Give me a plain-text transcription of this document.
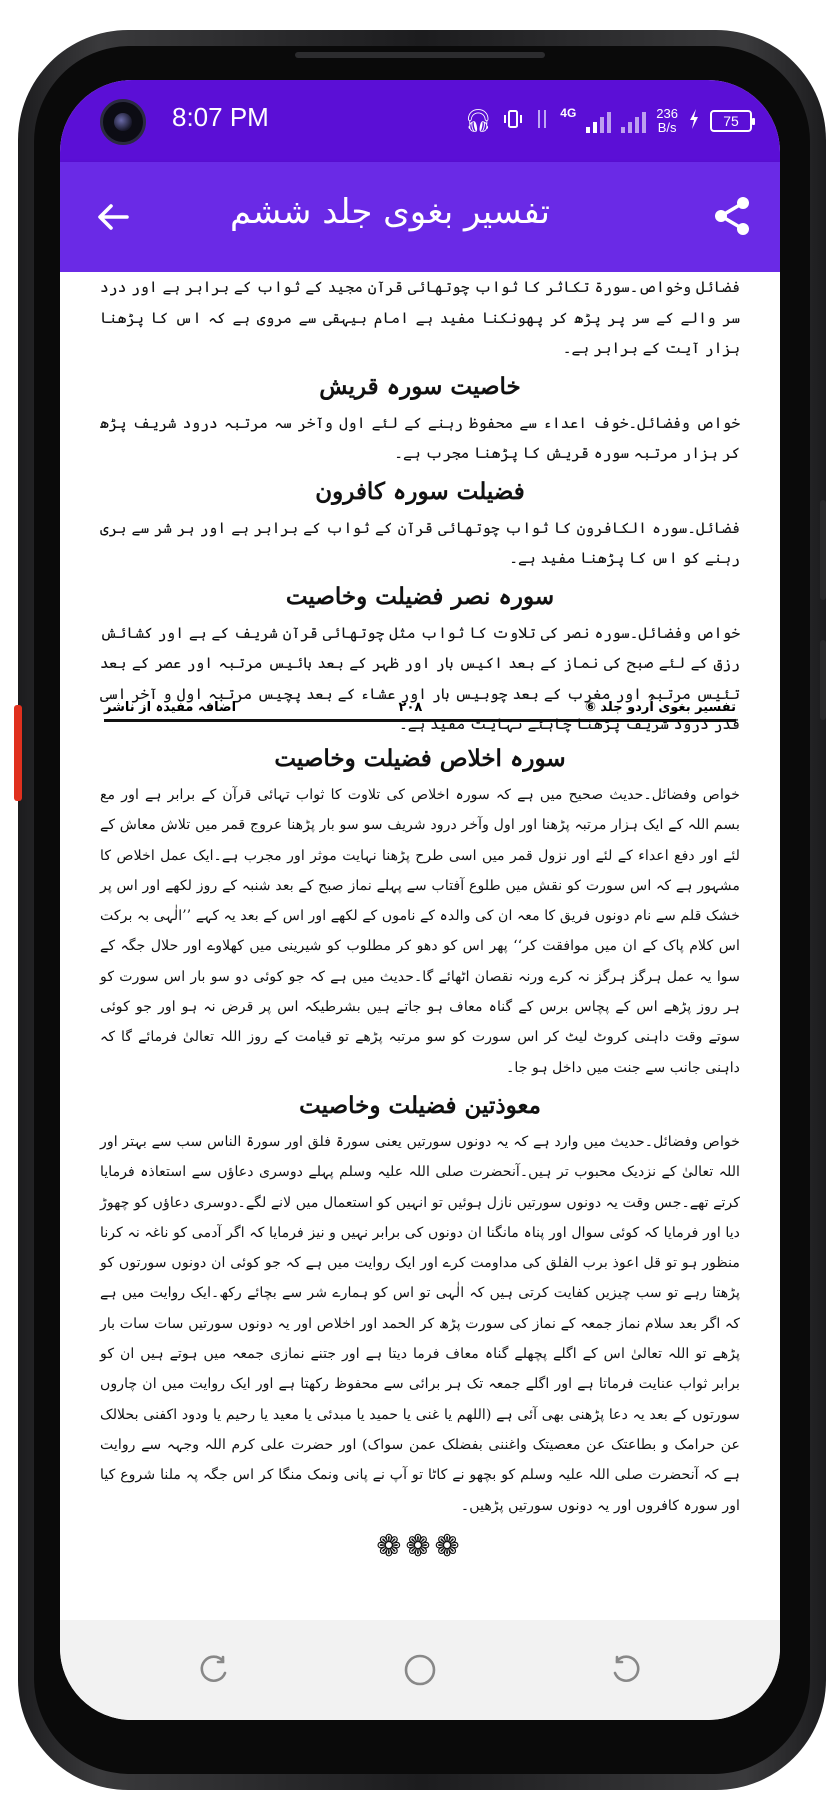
8:07 PM	🎧︎	4G	236
B/s	75
تفسیر بغوی جلد ششم

فضائل وخواص۔سورۃ تکاثر کا ثواب چوتھائی قرآن مجید کے ثواب کے برابر ہے اور درد سر والے کے سر پر پڑھ کر پھونکنا مفید ہے امام بیہقی سے مروی ہے کہ اس کا پڑھنا ہزار آیت کے برابر ہے۔

خاصیت سورہ قریش

خواص وفضائل۔خوف اعداء سے محفوظ رہنے کے لئے اول وآخر سہ مرتبہ درود شریف پڑھ کر ہزار مرتبہ سورہ قریش کا پڑھنا مجرب ہے۔

فضیلت سورہ کافرون

فضائل۔سورہ الکافرون کا ثواب چوتھائی قرآن کے ثواب کے برابر ہے اور ہر شر سے بری رہنے کو اس کا پڑھنا مفید ہے۔

سورہ نصر فضیلت وخاصیت

خواص وفضائل۔سورہ نصر کی تلاوت کا ثواب مثل چوتھائی قرآن شریف کے ہے اور کشائش رزق کے لئے صبح کی نماز کے بعد اکیس بار اور ظہر کے بعد بائیس مرتبہ اور عصر کے بعد تئیس مرتبہ اور مغرب کے بعد چوبیس بار اور عشاء کے بعد پچیس مرتبہ اول و آخر اسی قدر درود شریف پڑھنا چاہئے نہایت مفید ہے۔

تفسیر بغوی اُردو جلد ⑥
۲۰۸
اضافہ مفیدہ از ناشر
سورہ اخلاص فضیلت وخاصیت

خواص وفضائل۔حدیث صحیح میں ہے کہ سورہ اخلاص کی تلاوت کا ثواب تہائی قرآن کے برابر ہے اور مع بسم اللہ کے ایک ہزار مرتبہ پڑھنا اور اول وآخر درود شریف سو سو بار پڑھنا عروج قمر میں تلاش معاش کے لئے اور دفع اعداء کے لئے اور نزول قمر میں اسی طرح پڑھنا نہایت موثر اور مجرب ہے۔ایک عمل اخلاص کا مشہور ہے کہ اس سورت کو نقش میں طلوع آفتاب سے پہلے نماز صبح کے بعد شنبہ کے روز لکھے اور اس پر خشک قلم سے نام دونوں فریق کا معہ ان کی والدہ کے ناموں کے لکھے اور اس کے بعد یہ کہے ’’الٰہی بہ برکت اس کلام پاک کے ان میں موافقت کر‘‘ پھر اس کو دھو کر مطلوب کو شیرینی میں کھلاوے اور حلال جگہ کے سوا یہ عمل ہرگز ہرگز نہ کرے ورنہ نقصان اٹھائے گا۔حدیث میں ہے کہ جو کوئی دو سو بار اس سورت کو ہر روز پڑھے اس کے پچاس برس کے گناہ معاف ہو جاتے ہیں بشرطیکہ اس پر قرض نہ ہو اور جو کوئی سوتے وقت داہنی کروٹ لیٹ کر اس سورت کو سو مرتبہ پڑھے تو قیامت کے روز اللہ تعالیٰ فرمائے گا کہ داہنی جانب سے جنت میں داخل ہو جا۔

معوذتین فضیلت وخاصیت

خواص وفضائل۔حدیث میں وارد ہے کہ یہ دونوں سورتیں یعنی سورۃ فلق اور سورۃ الناس سب سے بہتر اور اللہ تعالیٰ کے نزدیک محبوب تر ہیں۔آنحضرت صلی اللہ علیہ وسلم پہلے دوسری دعاؤں سے استعاذہ فرمایا کرتے تھے۔جس وقت یہ دونوں سورتیں نازل ہوئیں تو انہیں کو استعمال میں لانے لگے۔دوسری دعاؤں کو چھوڑ دیا اور فرمایا کہ کوئی سوال اور پناہ مانگنا ان دونوں کی برابر نہیں و نیز فرمایا کہ اگر آدمی کو ناغہ نہ کرنا منظور ہو تو قل اعوذ برب الفلق کی مداومت کرے اور ایک روایت میں ہے کہ جو کوئی ان دونوں سورتوں کو پڑھتا رہے تو سب چیزیں کفایت کرتی ہیں کہ الٰہی تو اس کو ہمارے شر سے بچائے رکھ۔ایک روایت میں ہے کہ اگر بعد سلام نماز جمعہ کے نماز کی سورت پڑھ کر الحمد اور اخلاص اور یہ دونوں سورتیں سات سات بار پڑھے تو اللہ تعالیٰ اس کے اگلے پچھلے گناہ معاف فرما دیتا ہے اور جتنے نمازی جمعہ میں ہوتے ہیں ان کو برابر ثواب عنایت فرماتا ہے اور اگلے جمعہ تک ہر برائی سے محفوظ رکھتا ہے اور ایک روایت میں ان چاروں سورتوں کے بعد یہ دعا پڑھنی بھی آئی ہے (اللھم یا غنی یا حمید یا مبدئی یا معید یا رحیم یا ودود اکفنی بحلالک عن حرامک و بطاعتک عن معصیتک واغننی بفضلک عمن سواک) اور حضرت علی کرم اللہ وجہہ سے روایت ہے کہ آنحضرت صلی اللہ علیہ وسلم کو بچھو نے کاٹا تو آپ نے پانی ونمک منگا کر اس جگہ پہ ملنا شروع کیا اور سورہ کافروں اور یہ دونوں سورتیں پڑھیں۔

❁❁❁
